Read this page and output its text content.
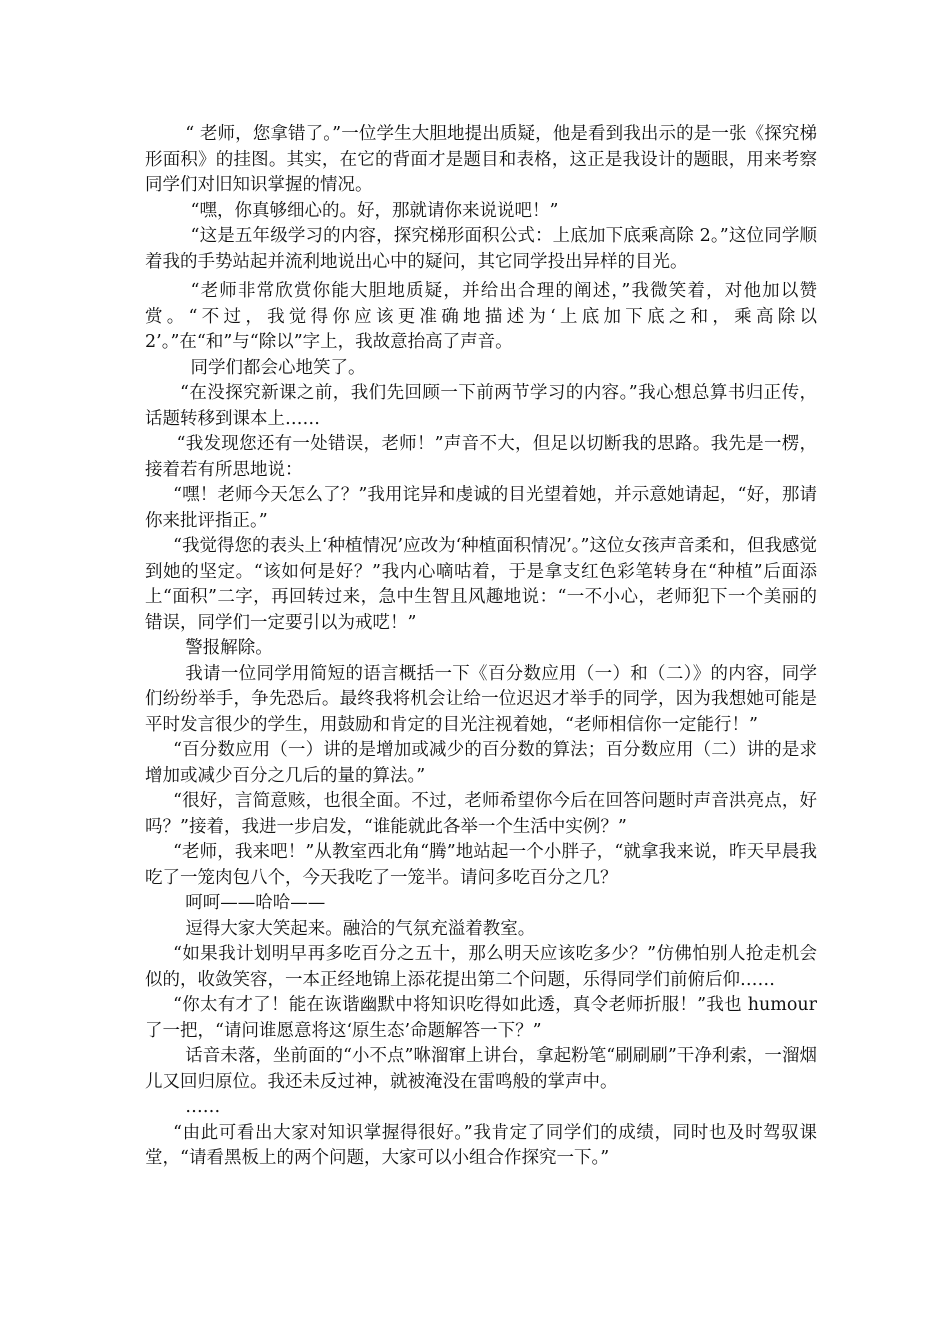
“ 老师，您拿错了。”一位学生大胆地提出质疑，他是看到我出示的是一张《探究梯形面积》的挂图。其实，在它的背面才是题目和表格，这正是我设计的题眼，用来考察同学们对旧知识掌握的情况。

“嘿，你真够细心的。好，那就请你来说说吧！”

“这是五年级学习的内容，探究梯形面积公式：上底加下底乘高除 2。”这位同学顺着我的手势站起并流利地说出心中的疑问，其它同学投出异样的目光。

“老师非常欣赏你能大胆地质疑，并给出合理的阐述，”我微笑着，对他加以赞赏。“不过，我觉得你应该更准确地描述为‘上底加下底之和，乘高除以 2’。”在“和”与“除以”字上，我故意抬高了声音。

同学们都会心地笑了。

“在没探究新课之前，我们先回顾一下前两节学习的内容。”我心想总算书归正传，话题转移到课本上……

“我发现您还有一处错误，老师！”声音不大，但足以切断我的思路。我先是一楞，接着若有所思地说：

“嘿！老师今天怎么了？”我用诧异和虔诚的目光望着她，并示意她请起，“好，那请你来批评指正。”

“我觉得您的表头上‘种植情况’应改为‘种植面积情况’。”这位女孩声音柔和，但我感觉到她的坚定。“该如何是好？”我内心嘀咕着，于是拿支红色彩笔转身在“种植”后面添上“面积”二字，再回转过来，急中生智且风趣地说：“一不小心，老师犯下一个美丽的错误，同学们一定要引以为戒呓！”

警报解除。

我请一位同学用简短的语言概括一下《百分数应用（一）和（二）》的内容，同学们纷纷举手，争先恐后。最终我将机会让给一位迟迟才举手的同学，因为我想她可能是平时发言很少的学生，用鼓励和肯定的目光注视着她，“老师相信你一定能行！”

“百分数应用（一）讲的是增加或减少的百分数的算法；百分数应用（二）讲的是求增加或减少百分之几后的量的算法。”

“很好，言简意赅，也很全面。不过，老师希望你今后在回答问题时声音洪亮点，好吗？”接着，我进一步启发，“谁能就此各举一个生活中实例？”

“老师，我来吧！”从教室西北角“腾”地站起一个小胖子，“就拿我来说，昨天早晨我吃了一笼肉包八个，今天我吃了一笼半。请问多吃百分之几？

呵呵——哈哈——

逗得大家大笑起来。融洽的气氛充溢着教室。

“如果我计划明早再多吃百分之五十，那么明天应该吃多少？”仿佛怕别人抢走机会似的，收敛笑容，一本正经地锦上添花提出第二个问题，乐得同学们前俯后仰……

“你太有才了！能在诙谐幽默中将知识吃得如此透，真令老师折服！”我也 humour 了一把，“请问谁愿意将这‘原生态’命题解答一下？”

话音未落，坐前面的“小不点”咻溜窜上讲台，拿起粉笔“刷刷刷”干净利索，一溜烟儿又回归原位。我还未反过神，就被淹没在雷鸣般的掌声中。

……

“由此可看出大家对知识掌握得很好。”我肯定了同学们的成绩，同时也及时驾驭课堂，“请看黑板上的两个问题，大家可以小组合作探究一下。”
